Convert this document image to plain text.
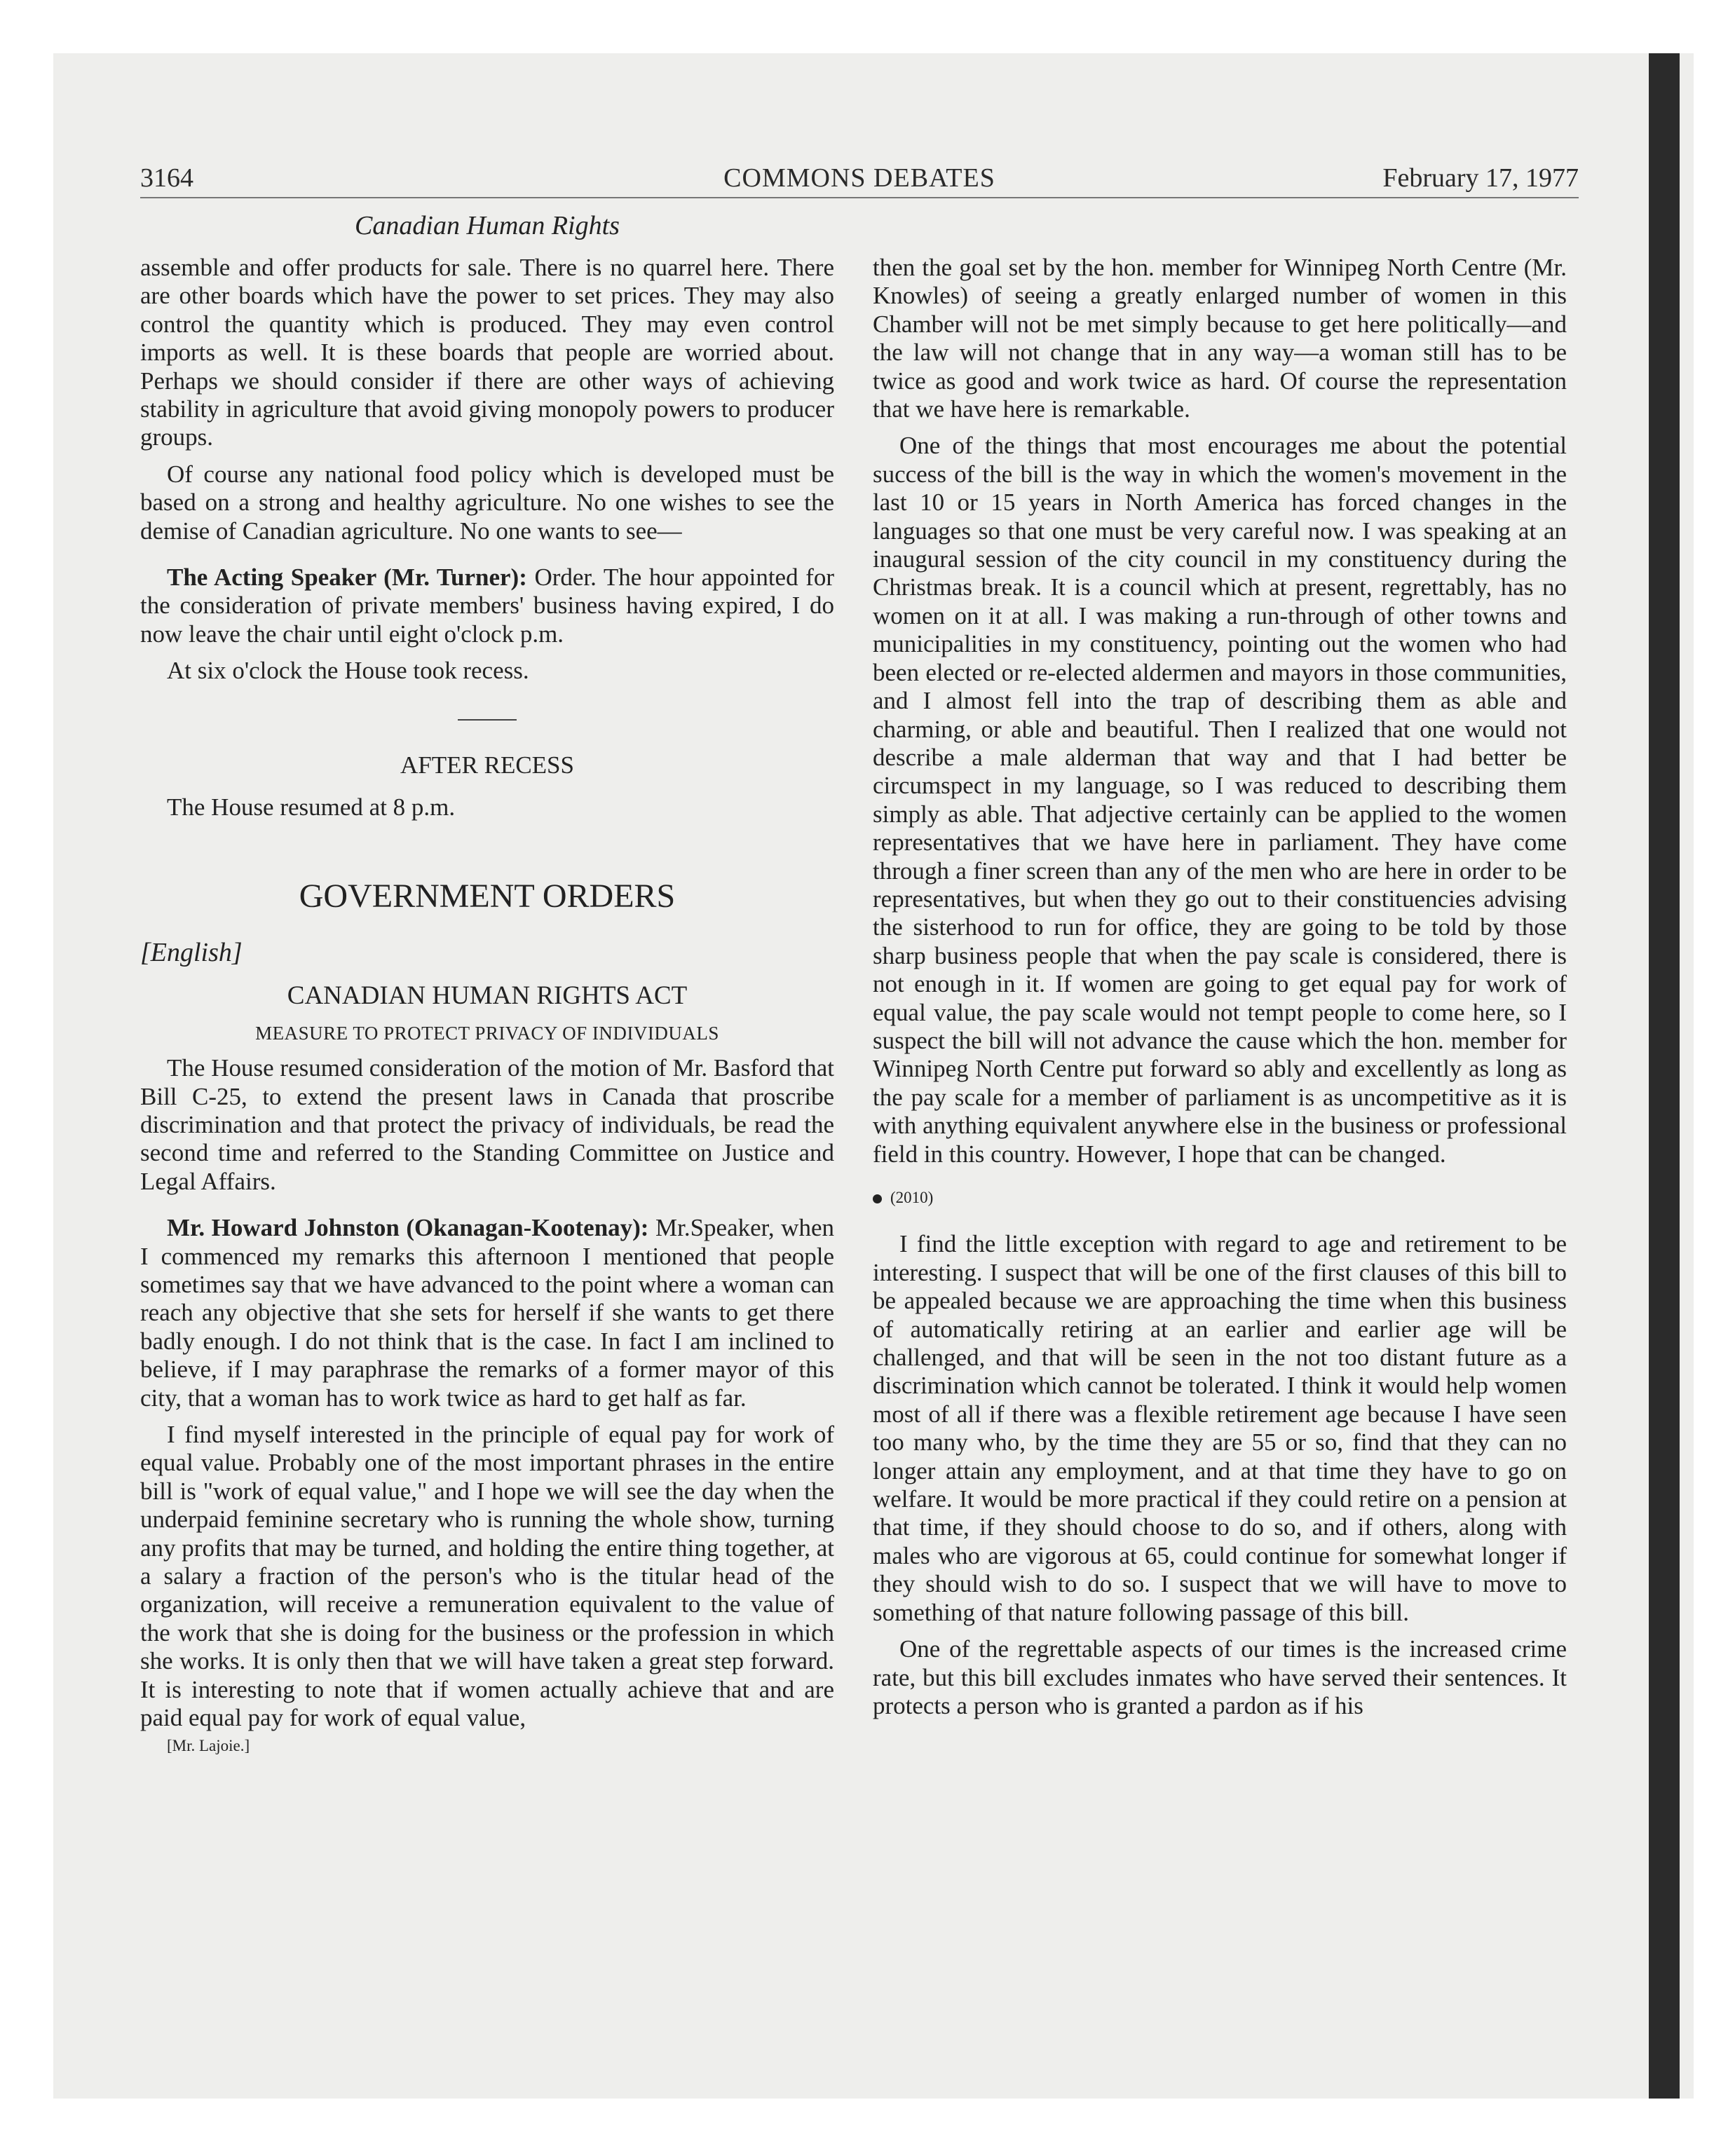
3164	COMMONS DEBATES	February 17, 1977
Canadian Human Rights

assemble and offer products for sale. There is no quarrel here. There are other boards which have the power to set prices. They may also control the quantity which is produced. They may even control imports as well. It is these boards that people are worried about. Perhaps we should consider if there are other ways of achieving stability in agriculture that avoid giving monopoly powers to producer groups.

Of course any national food policy which is developed must be based on a strong and healthy agriculture. No one wishes to see the demise of Canadian agriculture. No one wants to see—

The Acting Speaker (Mr. Turner): Order. The hour appointed for the consideration of private members' business having expired, I do now leave the chair until eight o'clock p.m.

At six o'clock the House took recess.

AFTER RECESS

The House resumed at 8 p.m.

GOVERNMENT ORDERS
[English]
CANADIAN HUMAN RIGHTS ACT
MEASURE TO PROTECT PRIVACY OF INDIVIDUALS

The House resumed consideration of the motion of Mr. Basford that Bill C-25, to extend the present laws in Canada that proscribe discrimination and that protect the privacy of individuals, be read the second time and referred to the Standing Committee on Justice and Legal Affairs.

Mr. Howard Johnston (Okanagan-Kootenay): Mr.Speaker, when I commenced my remarks this afternoon I mentioned that people sometimes say that we have advanced to the point where a woman can reach any objective that she sets for herself if she wants to get there badly enough. I do not think that is the case. In fact I am inclined to believe, if I may paraphrase the remarks of a former mayor of this city, that a woman has to work twice as hard to get half as far.

I find myself interested in the principle of equal pay for work of equal value. Probably one of the most important phrases in the entire bill is "work of equal value," and I hope we will see the day when the underpaid feminine secretary who is running the whole show, turning any profits that may be turned, and holding the entire thing together, at a salary a fraction of the person's who is the titular head of the organization, will receive a remuneration equivalent to the value of the work that she is doing for the business or the profession in which she works. It is only then that we will have taken a great step forward. It is interesting to note that if women actually achieve that and are paid equal pay for work of equal value,

[Mr. Lajoie.]

then the goal set by the hon. member for Winnipeg North Centre (Mr. Knowles) of seeing a greatly enlarged number of women in this Chamber will not be met simply because to get here politically—and the law will not change that in any way—a woman still has to be twice as good and work twice as hard. Of course the representation that we have here is remarkable.

One of the things that most encourages me about the potential success of the bill is the way in which the women's movement in the last 10 or 15 years in North America has forced changes in the languages so that one must be very careful now. I was speaking at an inaugural session of the city council in my constituency during the Christmas break. It is a council which at present, regrettably, has no women on it at all. I was making a run-through of other towns and municipalities in my constituency, pointing out the women who had been elected or re-elected aldermen and mayors in those communities, and I almost fell into the trap of describing them as able and charming, or able and beautiful. Then I realized that one would not describe a male alderman that way and that I had better be circumspect in my language, so I was reduced to describing them simply as able. That adjective certainly can be applied to the women representatives that we have here in parliament. They have come through a finer screen than any of the men who are here in order to be representatives, but when they go out to their constituencies advising the sisterhood to run for office, they are going to be told by those sharp business people that when the pay scale is considered, there is not enough in it. If women are going to get equal pay for work of equal value, the pay scale would not tempt people to come here, so I suspect the bill will not advance the cause which the hon. member for Winnipeg North Centre put forward so ably and excellently as long as the pay scale for a member of parliament is as uncompetitive as it is with anything equivalent anywhere else in the business or professional field in this country. However, I hope that can be changed.

(2010)

I find the little exception with regard to age and retirement to be interesting. I suspect that will be one of the first clauses of this bill to be appealed because we are approaching the time when this business of automatically retiring at an earlier and earlier age will be challenged, and that will be seen in the not too distant future as a discrimination which cannot be tolerated. I think it would help women most of all if there was a flexible retirement age because I have seen too many who, by the time they are 55 or so, find that they can no longer attain any employment, and at that time they have to go on welfare. It would be more practical if they could retire on a pension at that time, if they should choose to do so, and if others, along with males who are vigorous at 65, could continue for somewhat longer if they should wish to do so. I suspect that we will have to move to something of that nature following passage of this bill.

One of the regrettable aspects of our times is the increased crime rate, but this bill excludes inmates who have served their sentences. It protects a person who is granted a pardon as if his
